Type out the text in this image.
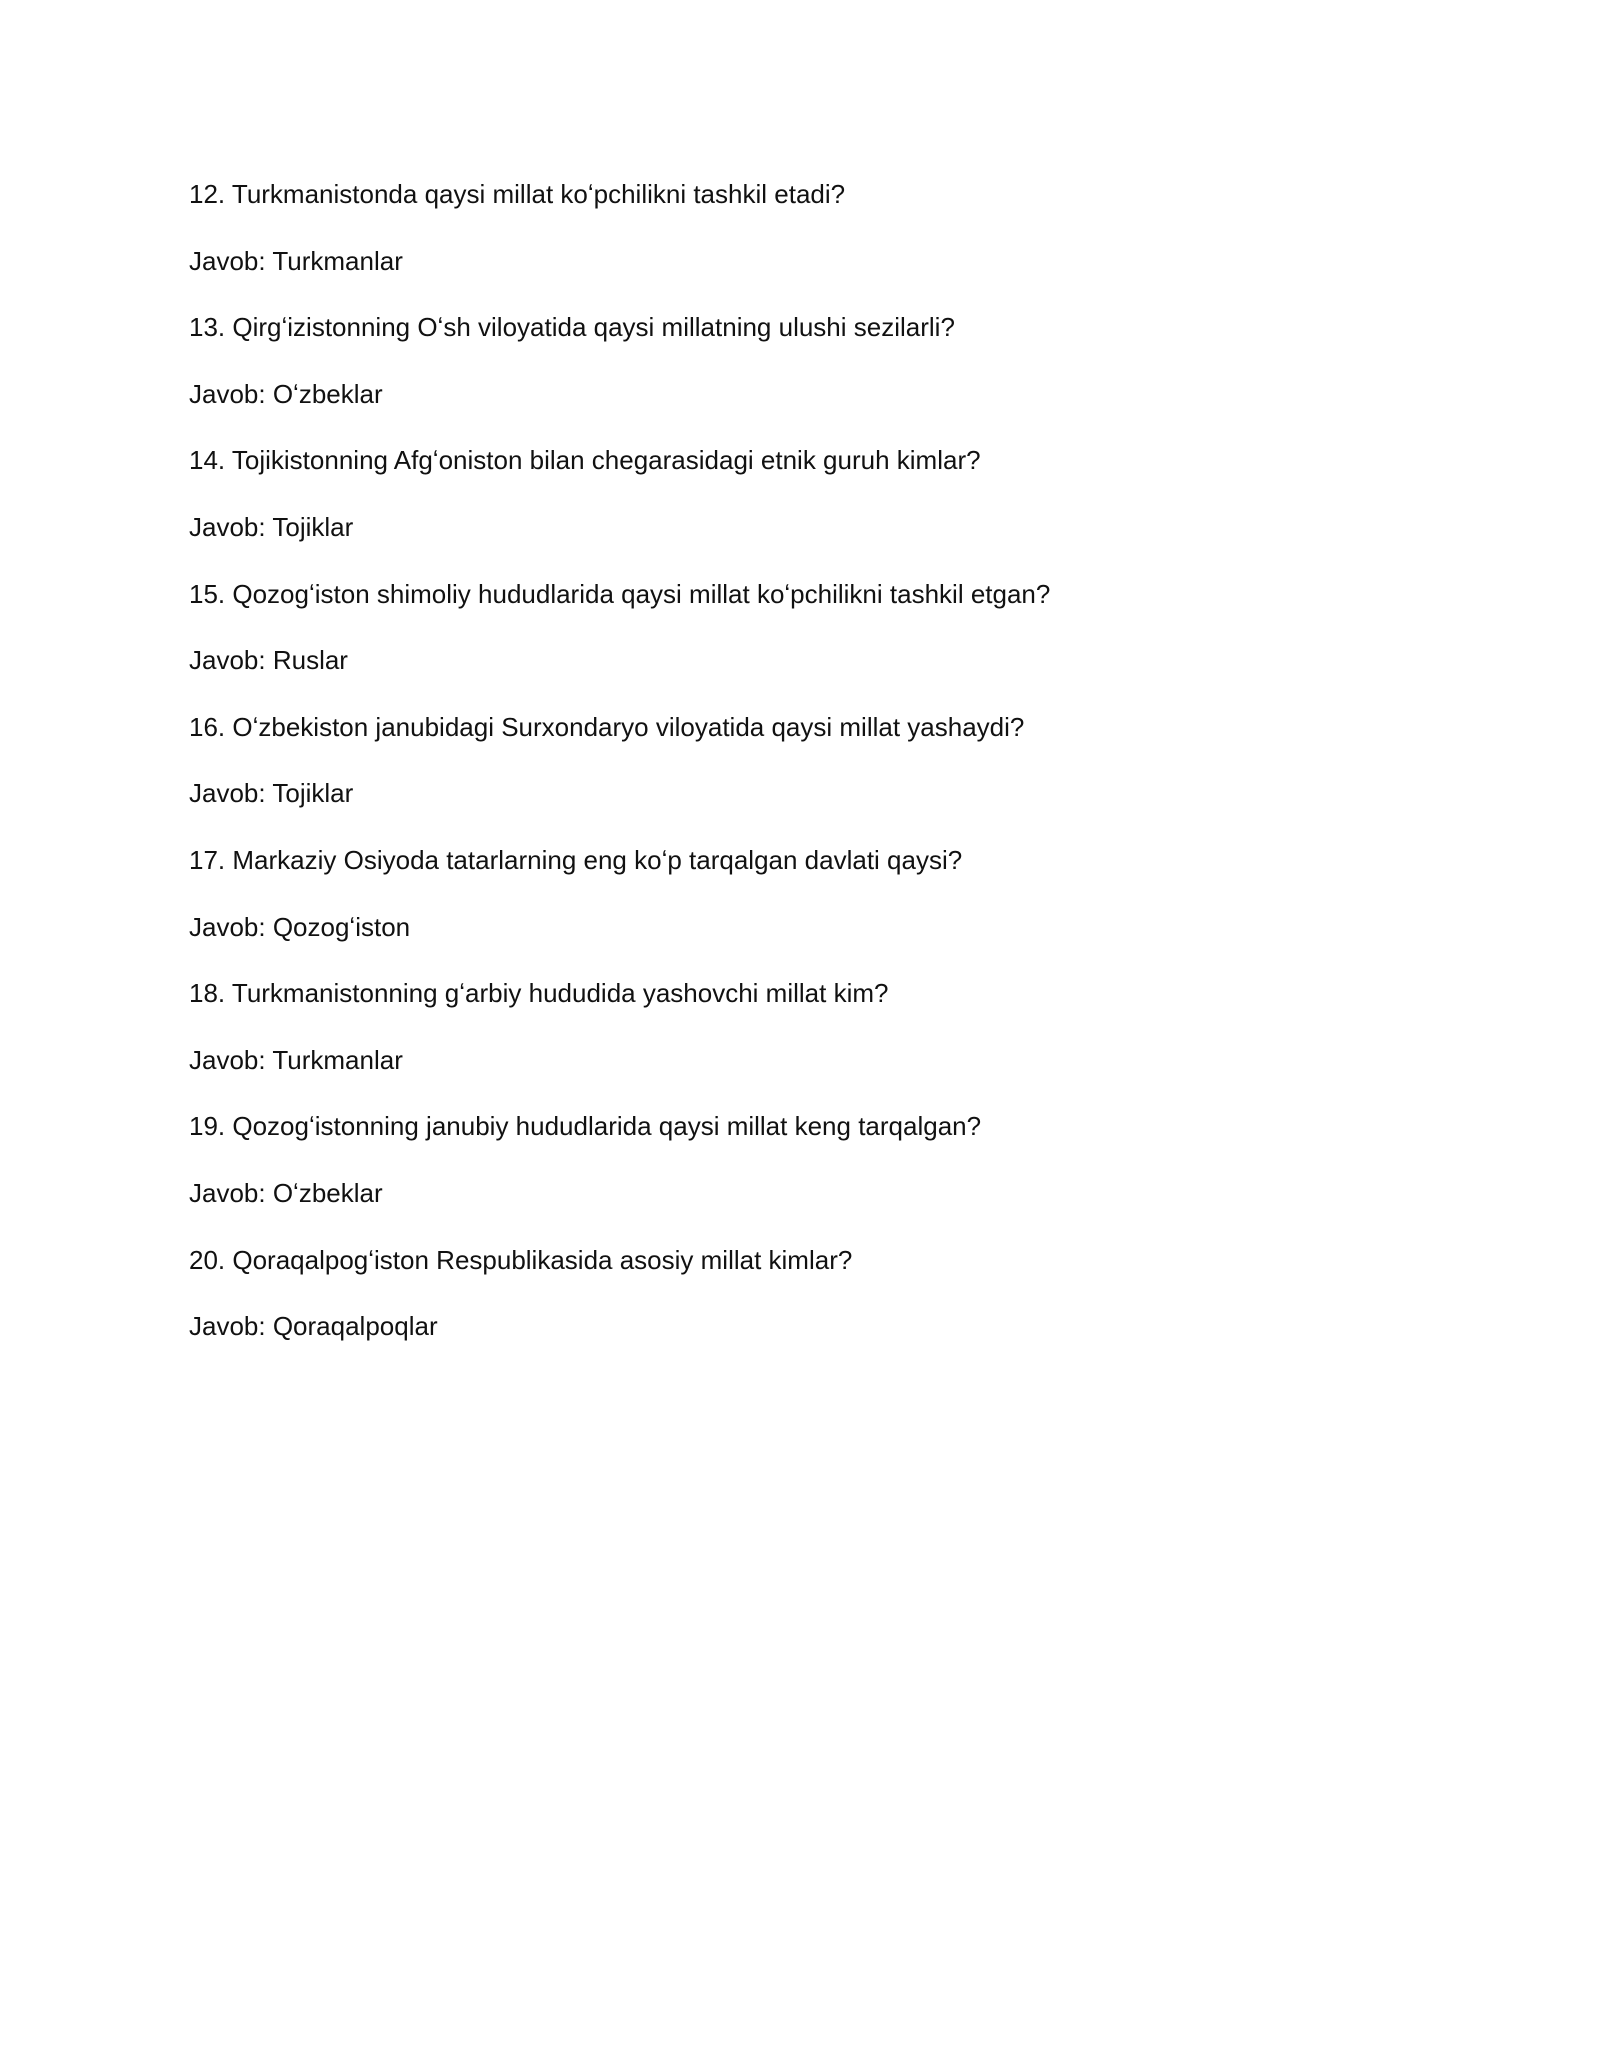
12. Turkmanistonda qaysi millat koʻpchilikni tashkil etadi?

Javob: Turkmanlar

13. Qirgʻizistonning Oʻsh viloyatida qaysi millatning ulushi sezilarli?

Javob: Oʻzbeklar

14. Tojikistonning Afgʻoniston bilan chegarasidagi etnik guruh kimlar?

Javob: Tojiklar

15. Qozogʻiston shimoliy hududlarida qaysi millat koʻpchilikni tashkil etgan?

Javob: Ruslar

16. Oʻzbekiston janubidagi Surxondaryo viloyatida qaysi millat yashaydi?

Javob: Tojiklar

17. Markaziy Osiyoda tatarlarning eng koʻp tarqalgan davlati qaysi?

Javob: Qozogʻiston

18. Turkmanistonning gʻarbiy hududida yashovchi millat kim?

Javob: Turkmanlar

19. Qozogʻistonning janubiy hududlarida qaysi millat keng tarqalgan?

Javob: Oʻzbeklar

20. Qoraqalpogʻiston Respublikasida asosiy millat kimlar?

Javob: Qoraqalpoqlar
